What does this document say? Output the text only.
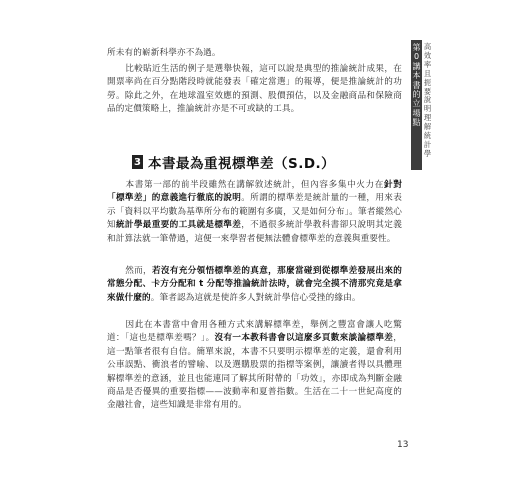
第0講本書的立場點
高效率且扼要說明理解統計學

所未有的嶄新科學亦不為過。

比較貼近生活的例子是選舉快報，這可以說是典型的推論統計成果，在開票率尚在百分點階段時就能發表「確定當選」的報導，便是推論統計的功勞。除此之外，在地球溫室效應的預測、股價預估，以及金融商品和保險商品的定價策略上，推論統計亦是不可或缺的工具。

3 本書最為重視標準差（S.D.）

本書第一部的前半段雖然在講解敘述統計，但內容多集中火力在針對「標準差」的意義進行徹底的說明。所謂的標準差是統計量的一種，用來表示「資料以平均數為基準所分布的範圍有多廣，又是如何分布」。筆者縱然心知統計學最重要的工具就是標準差，不過很多統計學教科書卻只說明其定義和計算法就一筆帶過，這便一來學習者便無法體會標準差的意義與重要性。

然而，若沒有充分領悟標準差的真意，那麼當碰到從標準差發展出來的常態分配、卡方分配和 t 分配等推論統計法時，就會完全摸不清那究竟是拿來做什麼的。筆者認為這就是使許多人對統計學信心受挫的緣由。

因此在本書當中會用各種方式來講解標準差，舉例之豐富會讓人吃驚道：「這也是標準差嗎？」。沒有一本教科書會以這麼多頁數來談論標準差，這一點筆者很有自信。簡單來說，本書不只要明示標準差的定義，還會利用公車誤點、衝浪者的譬喻、以及選購股票的指標等案例，讓讀者得以具體理解標準差的意涵，並且也能連同了解其所附帶的「功效」，亦即成為判斷金融商品是否優異的重要指標——波動率和夏普指數。生活在二十一世紀高度的金融社會，這些知識是非常有用的。

13
